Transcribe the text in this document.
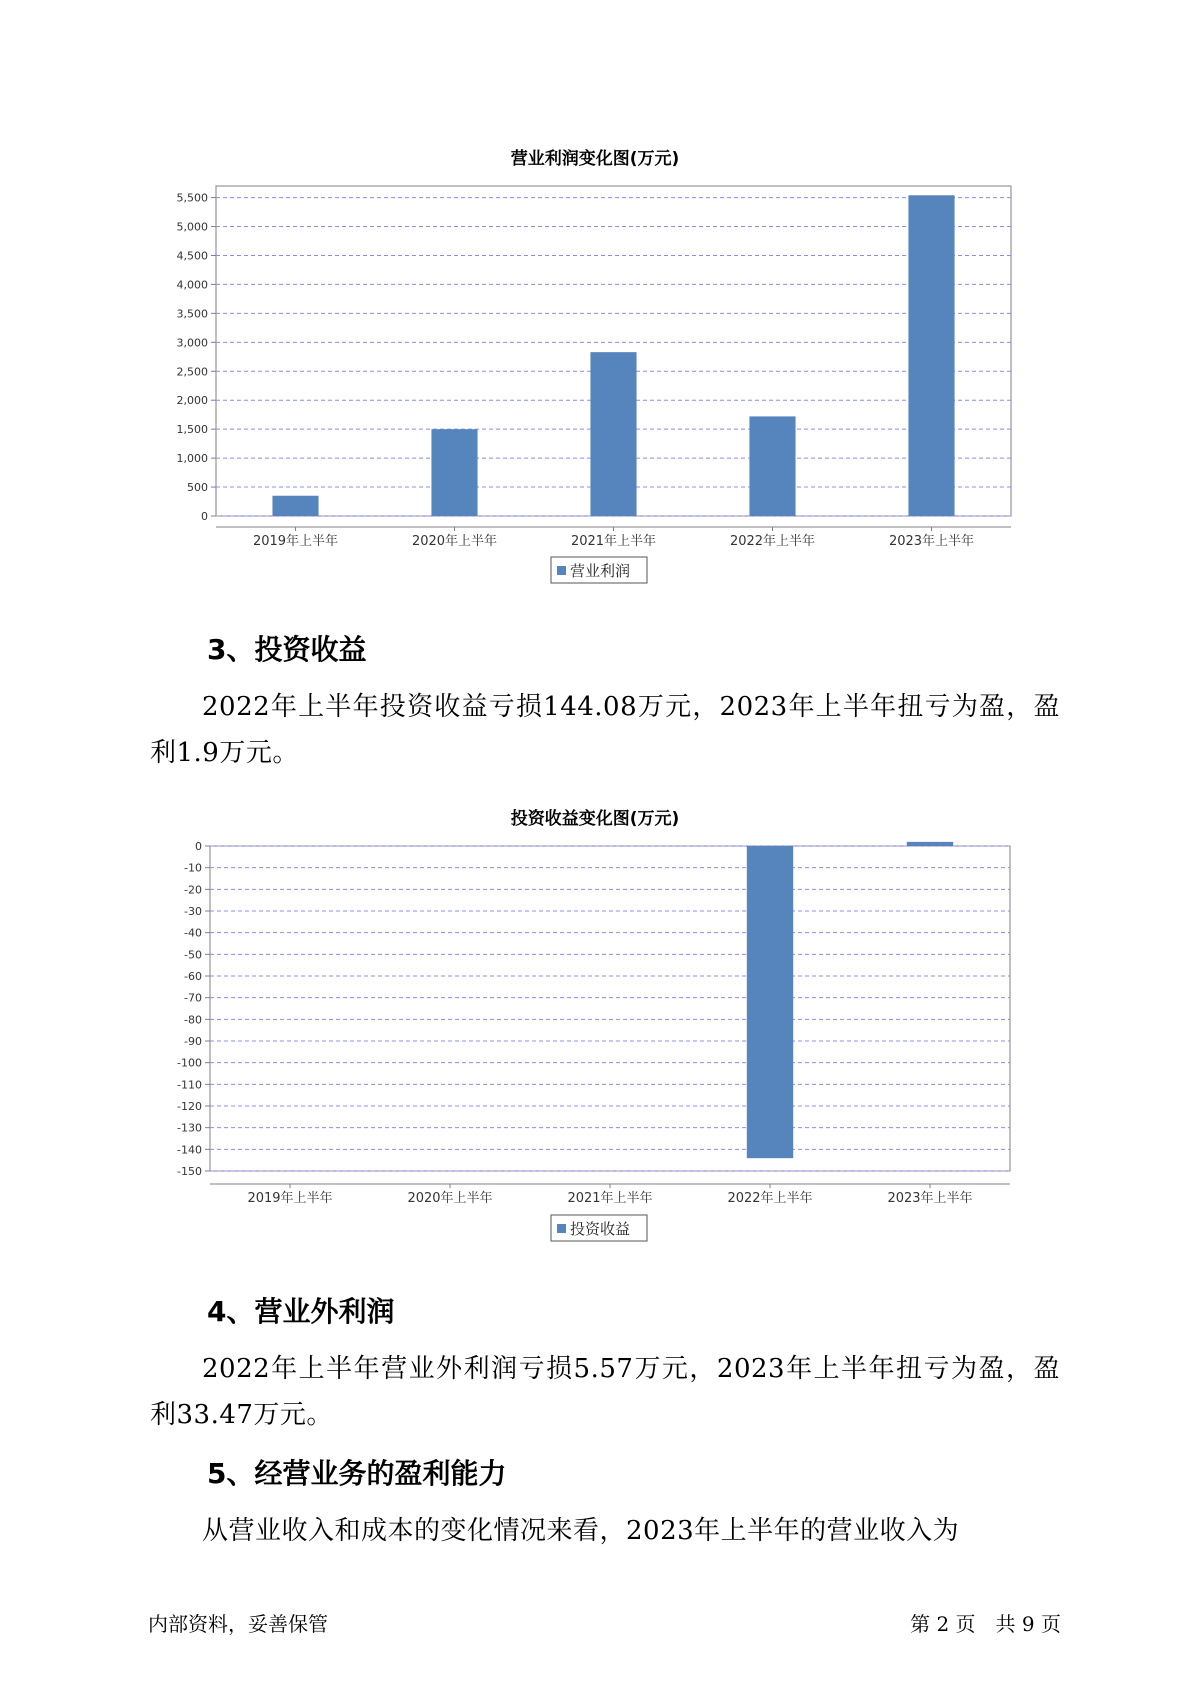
营业利润变化图(万元)
投资收益变化图(万元)
0
500
1,000
1,500
2,000
2,500
3,000
3,500
4,000
4,500
5,000
5,500
2019年上半年	2020年上半年	2021年上半年	2022年上半年	2023年上半年
营业利润
0
-10
-20
-30
-40
-50
-60
-70
-80
-90
-100
-110
-120
-130
-140
-150
2019年上半年	2020年上半年	2021年上半年	2022年上半年	2023年上半年
投资收益
3、投资收益
2022年上半年投资收益亏损144.08万元，2023年上半年扭亏为盈，盈利1.9万元。
4、营业外利润
2022年上半年营业外利润亏损5.57万元，2023年上半年扭亏为盈，盈利33.47万元。
5、经营业务的盈利能力
从营业收入和成本的变化情况来看，2023年上半年的营业收入为
内部资料，妥善保管	第 2 页　共 9 页
